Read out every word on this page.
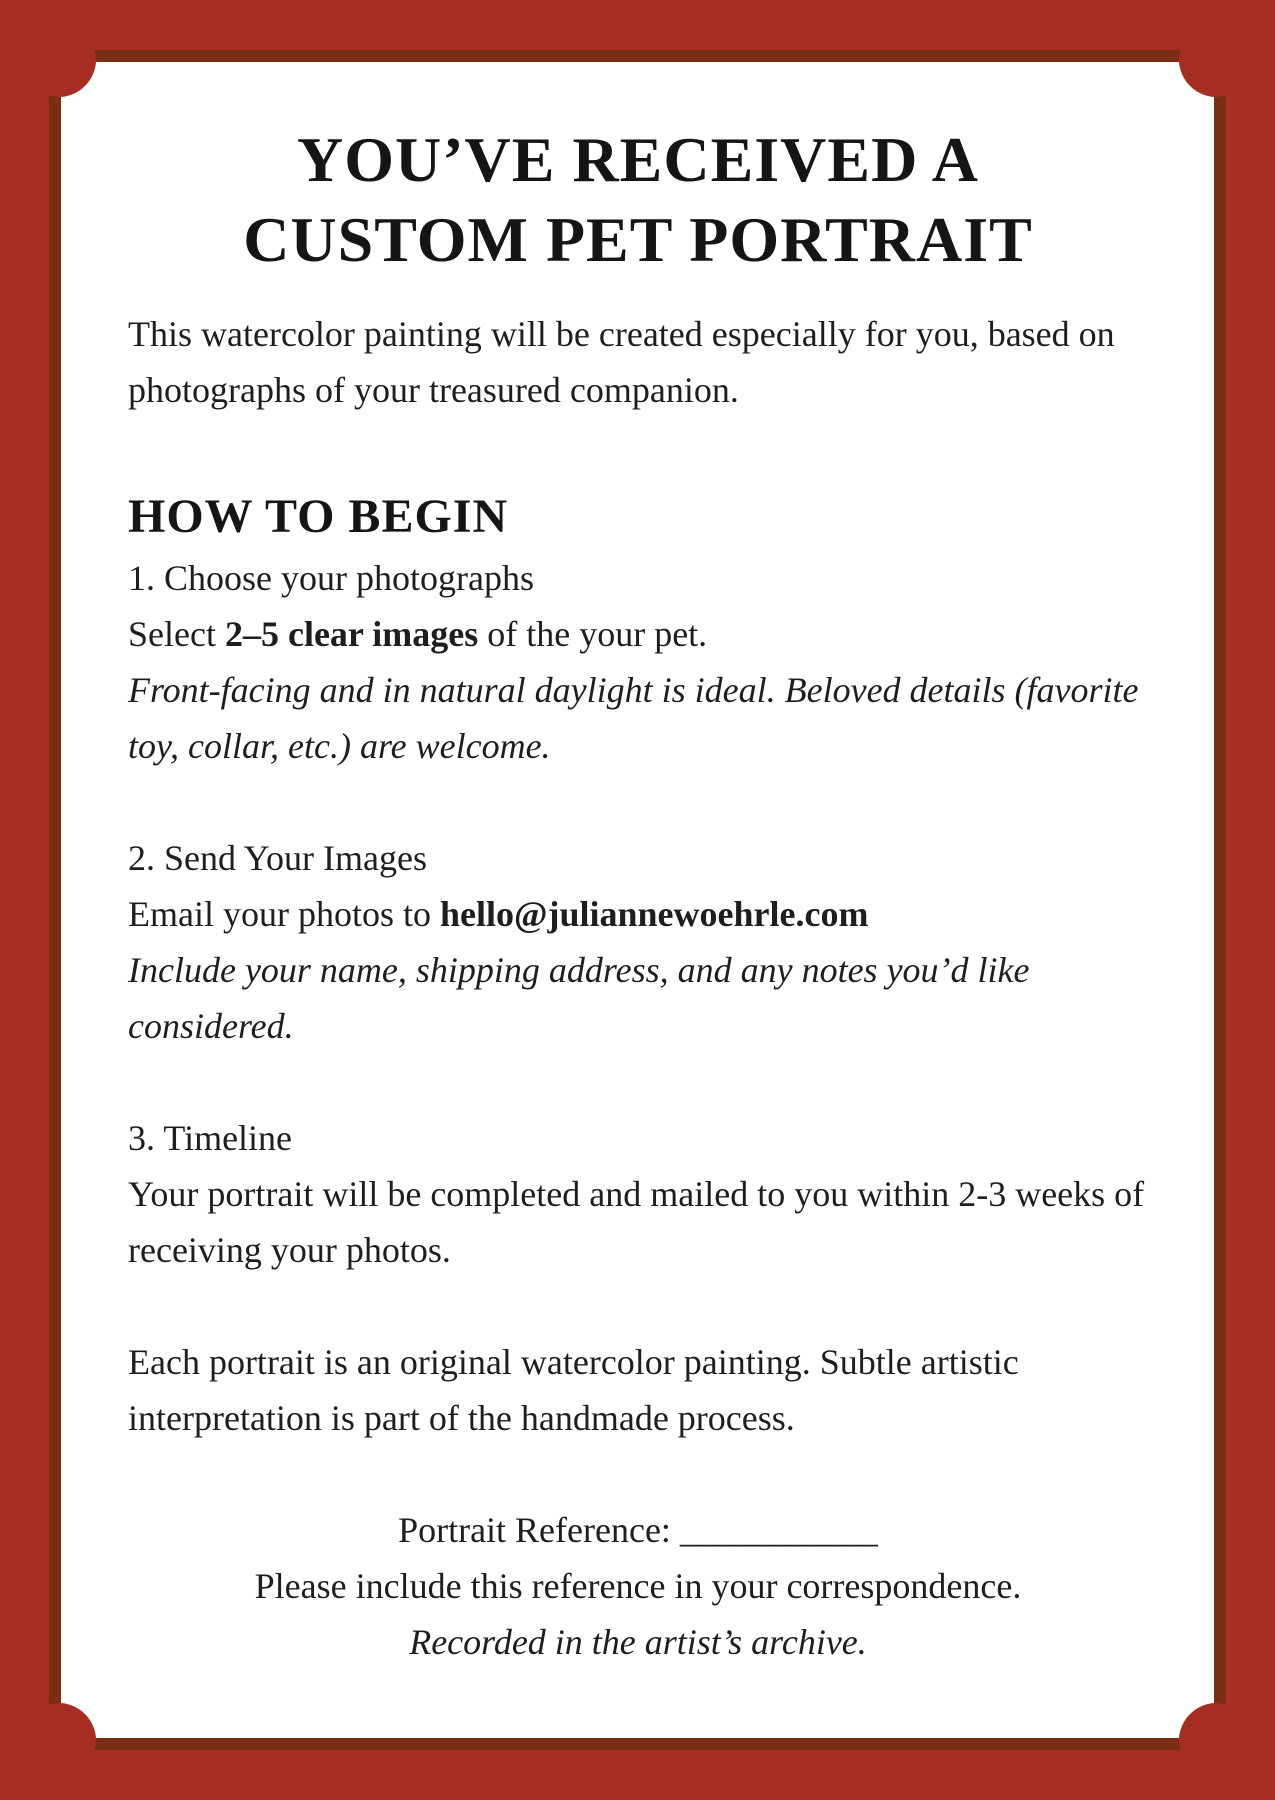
YOU’VE RECEIVED A
CUSTOM PET PORTRAIT

This watercolor painting will be created especially for you, based on photographs of your treasured companion.

HOW TO BEGIN

1. Choose your photographs

Select 2–5 clear images of the your pet.

Front-facing and in natural daylight is ideal. Beloved details (favorite toy, collar, etc.) are welcome.

2. Send Your Images

Email your photos to hello@juliannewoehrle.com

Include your name, shipping address, and any notes you’d like considered.

3. Timeline

Your portrait will be completed and mailed to you within 2-3 weeks of receiving your photos.

Each portrait is an original watercolor painting. Subtle artistic interpretation is part of the handmade process.

Portrait Reference: ___________

Please include this reference in your correspondence.

Recorded in the artist’s archive.
